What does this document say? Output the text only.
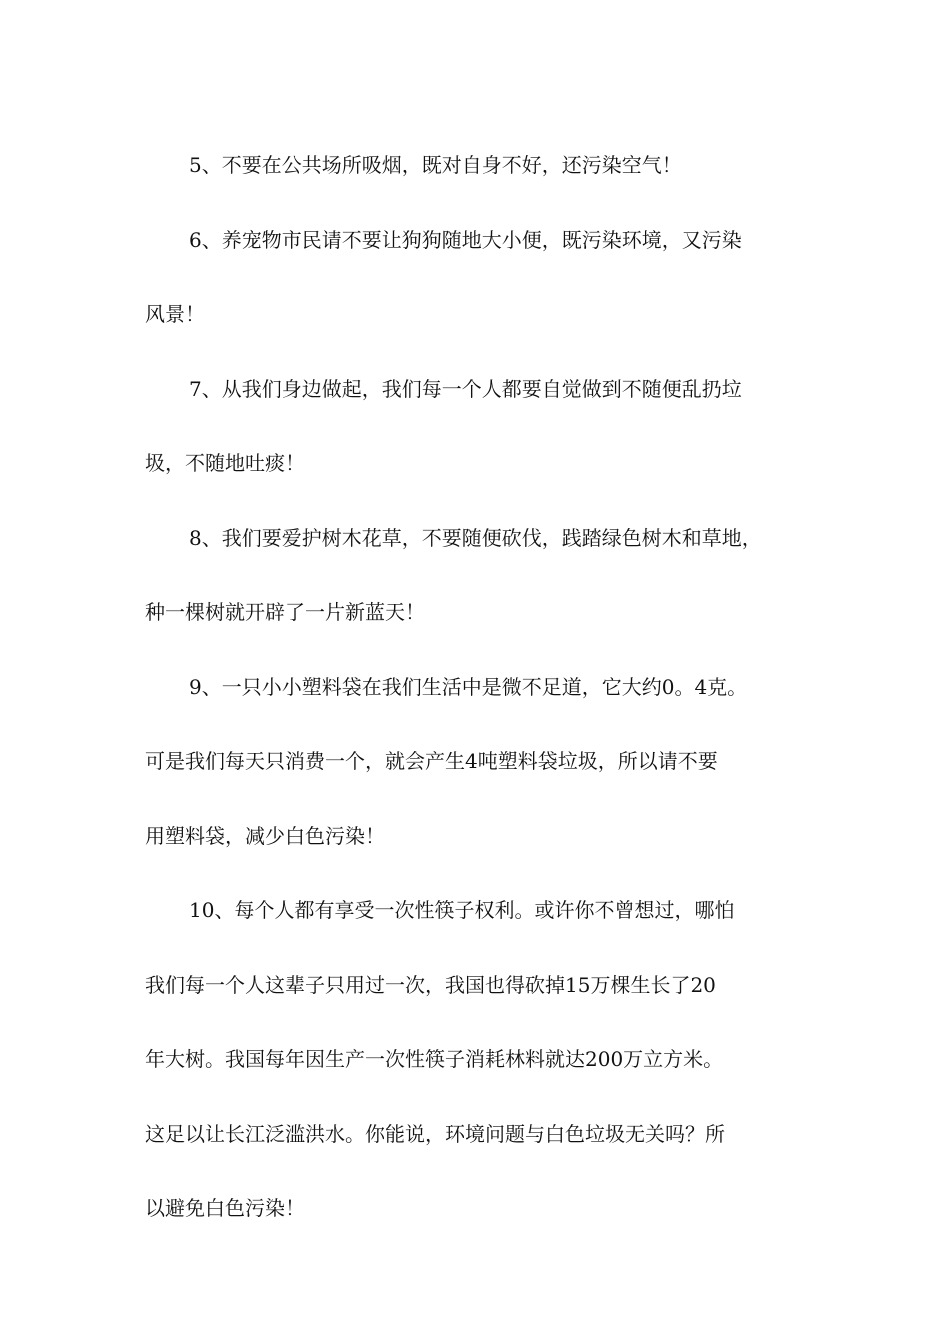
5、不要在公共场所吸烟，既对自身不好，还污染空气！
6、养宠物市民请不要让狗狗随地大小便，既污染环境，又污染
风景！
7、从我们身边做起，我们每一个人都要自觉做到不随便乱扔垃
圾，不随地吐痰！
8、我们要爱护树木花草，不要随便砍伐，践踏绿色树木和草地，
种一棵树就开辟了一片新蓝天！
9、一只小小塑料袋在我们生活中是微不足道，它大约0。4克。
可是我们每天只消费一个，就会产生4吨塑料袋垃圾，所以请不要
用塑料袋，减少白色污染！
10、每个人都有享受一次性筷子权利。或许你不曾想过，哪怕
我们每一个人这辈子只用过一次，我国也得砍掉15万棵生长了20
年大树。我国每年因生产一次性筷子消耗林料就达200万立方米。
这足以让长江泛滥洪水。你能说，环境问题与白色垃圾无关吗？所
以避免白色污染！
